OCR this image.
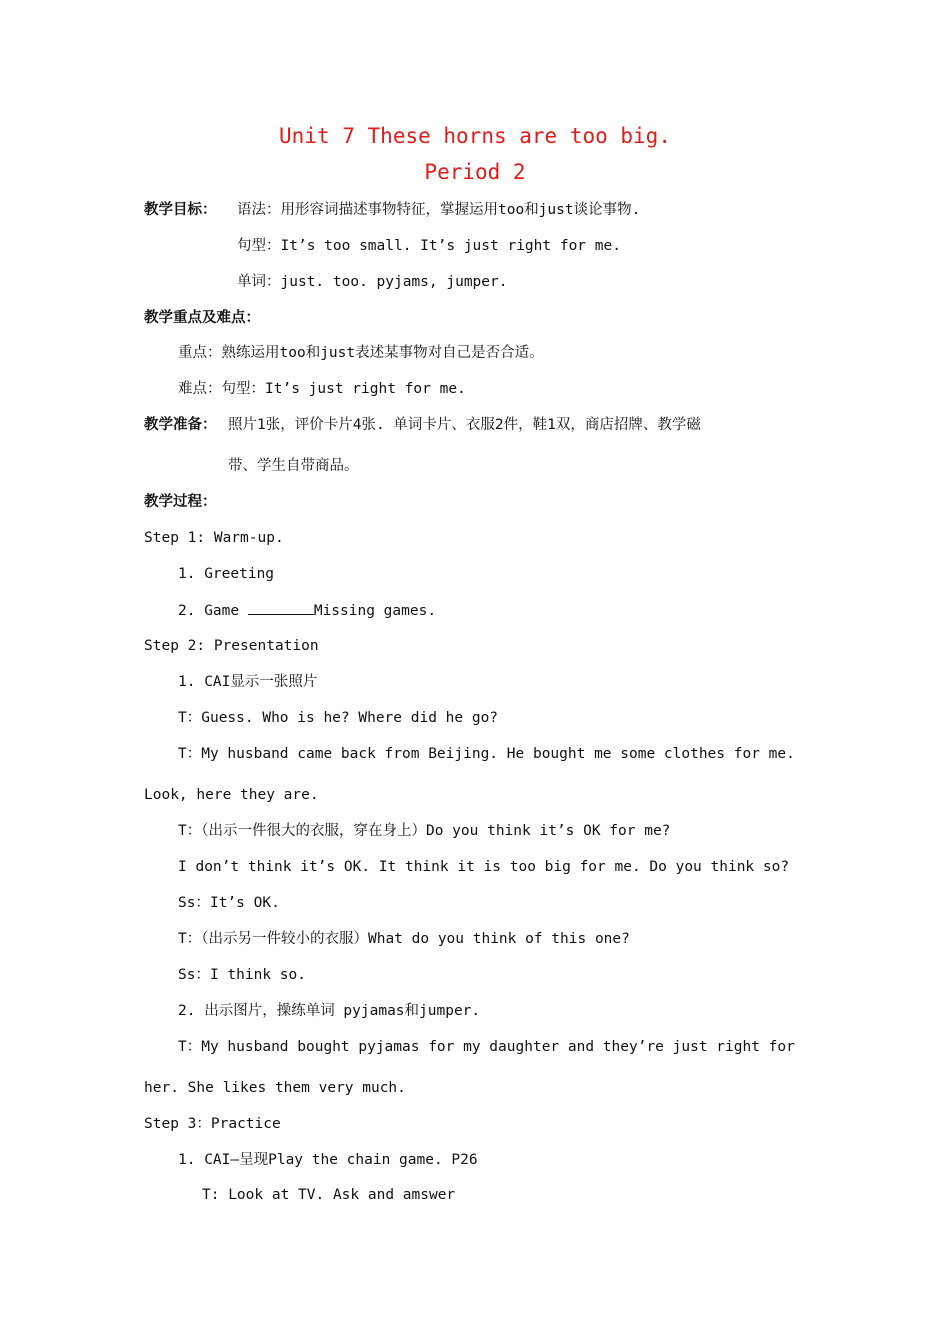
Unit 7 These horns are too big.
Period 2
教学目标： 语法：用形容词描述事物特征，掌握运用too和just谈论事物.
句型：It’s too small. It’s just right for me.
单词：just. too. pyjams, jumper.
教学重点及难点：
重点：熟练运用too和just表述某事物对自己是否合适。
难点：句型：It’s just right for me.
教学准备： 照片1张，评价卡片4张. 单词卡片、衣服2件，鞋1双，商店招牌、教学磁
带、学生自带商品。
教学过程：
Step 1: Warm-up.
1. Greeting
2. Game	Missing games.
Step 2: Presentation
1. CAI显示一张照片
T：Guess. Who is he? Where did he go?
T：My husband came back from Beijing. He bought me some clothes for me.
Look, here they are.
T：（出示一件很大的衣服，穿在身上）Do you think it’s OK for me?
I don’t think it’s OK. It think it is too big for me. Do you think so?
Ss：It’s OK.
T：（出示另一件较小的衣服）What do you think of this one?
Ss：I think so.
2. 出示图片，操练单词 pyjamas和jumper.
T：My husband bought pyjamas for my daughter and they’re just right for
her. She likes them very much.
Step 3：Practice
1. CAI—呈现Play the chain game. P26
T: Look at TV. Ask and amswer
